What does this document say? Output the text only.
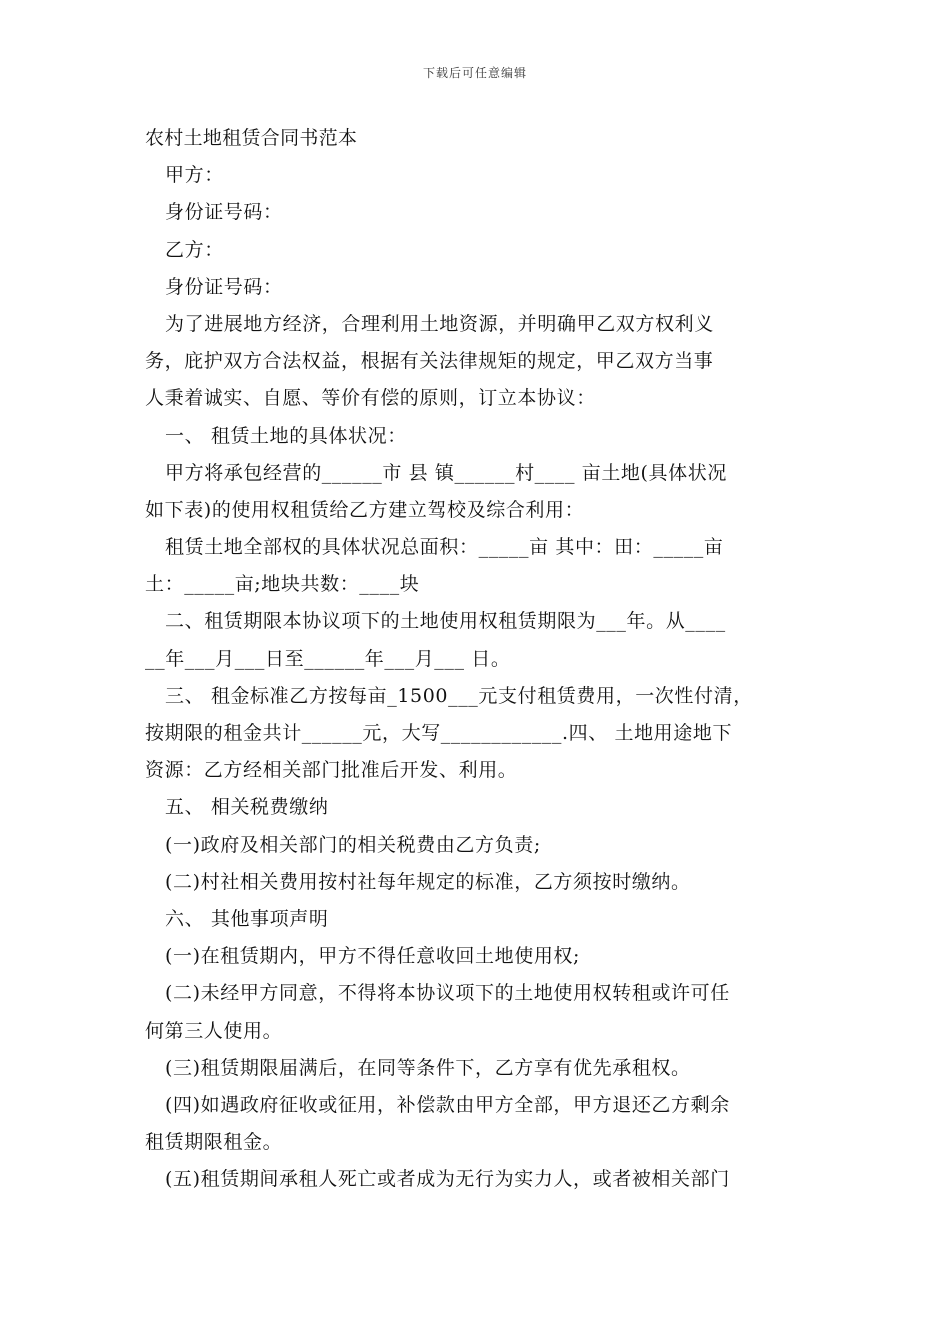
下载后可任意编辑
农村土地租赁合同书范本
甲方：
身份证号码：
乙方：
身份证号码：
为了进展地方经济，合理利用土地资源，并明确甲乙双方权利义
务，庇护双方合法权益，根据有关法律规矩的规定，甲乙双方当事
人秉着诚实、自愿、等价有偿的原则，订立本协议：
一、 租赁土地的具体状况：
甲方将承包经营的______市 县 镇______村____ 亩土地(具体状况
如下表)的使用权租赁给乙方建立驾校及综合利用：
租赁土地全部权的具体状况总面积：_____亩 其中：田：_____亩
土：_____亩;地块共数：____块
二、租赁期限本协议项下的土地使用权租赁期限为___年。从____
__年___月___日至______年___月___ 日。
三、 租金标准乙方按每亩_1500___元支付租赁费用，一次性付清，
按期限的租金共计______元，大写____________.四、 土地用途地下
资源：乙方经相关部门批准后开发、利用。
五、 相关税费缴纳
(一)政府及相关部门的相关税费由乙方负责;
(二)村社相关费用按村社每年规定的标准，乙方须按时缴纳。
六、 其他事项声明
(一)在租赁期内，甲方不得任意收回土地使用权;
(二)未经甲方同意，不得将本协议项下的土地使用权转租或许可任
何第三人使用。
(三)租赁期限届满后，在同等条件下，乙方享有优先承租权。
(四)如遇政府征收或征用，补偿款由甲方全部，甲方退还乙方剩余
租赁期限租金。
(五)租赁期间承租人死亡或者成为无行为实力人，或者被相关部门
